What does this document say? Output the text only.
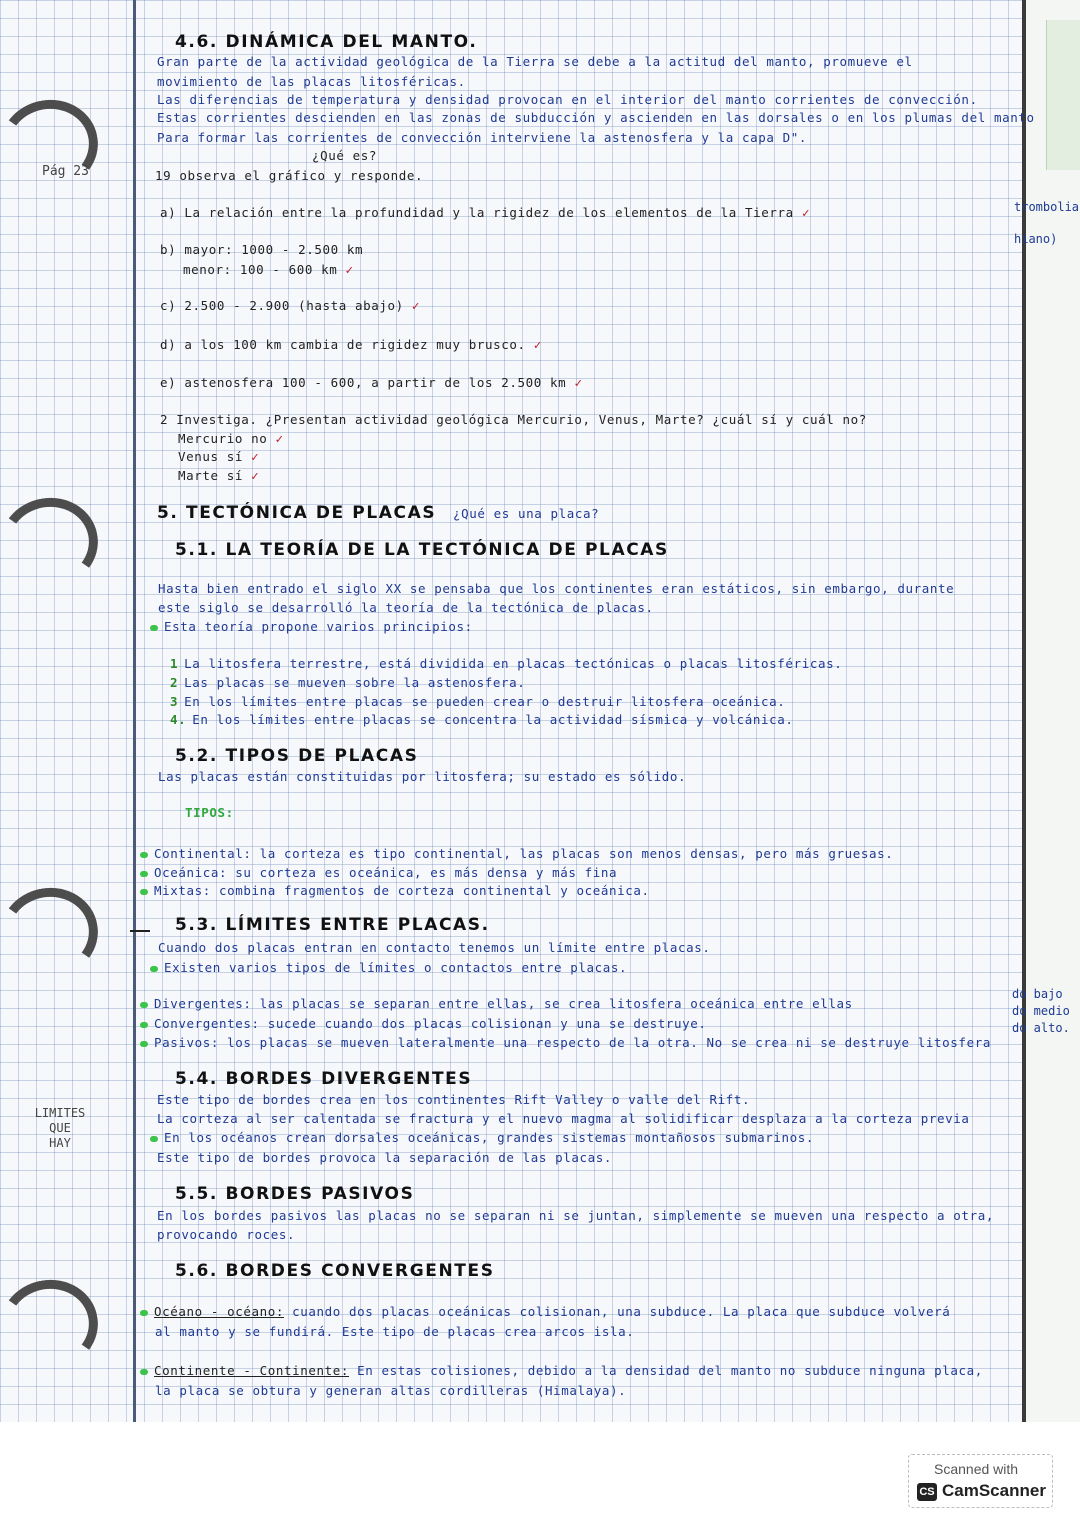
Pág 23
LIMITES
QUE
HAY
trombolia
hiano)
do bajo
do medio
do alto.
4.6. DINÁMICA DEL MANTO.
Gran parte de la actividad geológica de la Tierra se debe a la actitud del manto, promueve el
movimiento de las placas litosféricas.
Las diferencias de temperatura y densidad provocan en el interior del manto corrientes de convección.
Estas corrientes descienden en las zonas de subducción y ascienden en las dorsales o en los plumas del manto
Para formar las corrientes de convección interviene la astenosfera y la capa D".
¿Qué es?
19 observa el gráfico y responde.
a) La relación entre la profundidad y la rigidez de los elementos de la Tierra ✓
b) mayor: 1000 - 2.500 km
menor: 100 - 600 km ✓
c) 2.500 - 2.900 (hasta abajo) ✓
d) a los 100 km cambia de rigidez muy brusco. ✓
e) astenosfera 100 - 600, a partir de los 2.500 km ✓
2 Investiga. ¿Presentan actividad geológica Mercurio, Venus, Marte? ¿cuál sí y cuál no?
Mercurio no ✓
Venus sí ✓
Marte sí ✓
5. TECTÓNICA DE PLACAS ¿Qué es una placa?
5.1. LA TEORÍA DE LA TECTÓNICA DE PLACAS
Hasta bien entrado el siglo XX se pensaba que los continentes eran estáticos, sin embargo, durante
este siglo se desarrolló la teoría de la tectónica de placas.
Esta teoría propone varios principios:
1 La litosfera terrestre, está dividida en placas tectónicas o placas litosféricas.
2 Las placas se mueven sobre la astenosfera.
3 En los límites entre placas se pueden crear o destruir litosfera oceánica.
4. En los límites entre placas se concentra la actividad sísmica y volcánica.
5.2. TIPOS DE PLACAS
Las placas están constituidas por litosfera; su estado es sólido.
TIPOS:
Continental: la corteza es tipo continental, las placas son menos densas, pero más gruesas.
Oceánica: su corteza es oceánica, es más densa y más fina
Mixtas: combina fragmentos de corteza continental y oceánica.
5.3. LÍMITES ENTRE PLACAS.
Cuando dos placas entran en contacto tenemos un límite entre placas.
Existen varios tipos de límites o contactos entre placas.
Divergentes: las placas se separan entre ellas, se crea litosfera oceánica entre ellas
Convergentes: sucede cuando dos placas colisionan y una se destruye.
Pasivos: los placas se mueven lateralmente una respecto de la otra. No se crea ni se destruye litosfera
5.4. BORDES DIVERGENTES
Este tipo de bordes crea en los continentes Rift Valley o valle del Rift.
La corteza al ser calentada se fractura y el nuevo magma al solidificar desplaza a la corteza previa
En los océanos crean dorsales oceánicas, grandes sistemas montañosos submarinos.
Este tipo de bordes provoca la separación de las placas.
5.5. BORDES PASIVOS
En los bordes pasivos las placas no se separan ni se juntan, simplemente se mueven una respecto a otra,
provocando roces.
5.6. BORDES CONVERGENTES
Océano - océano: cuando dos placas oceánicas colisionan, una subduce. La placa que subduce volverá
al manto y se fundirá. Este tipo de placas crea arcos isla.
Continente - Continente: En estas colisiones, debido a la densidad del manto no subduce ninguna placa,
la placa se obtura y generan altas cordilleras (Himalaya).
Scanned with
CS CamScanner
